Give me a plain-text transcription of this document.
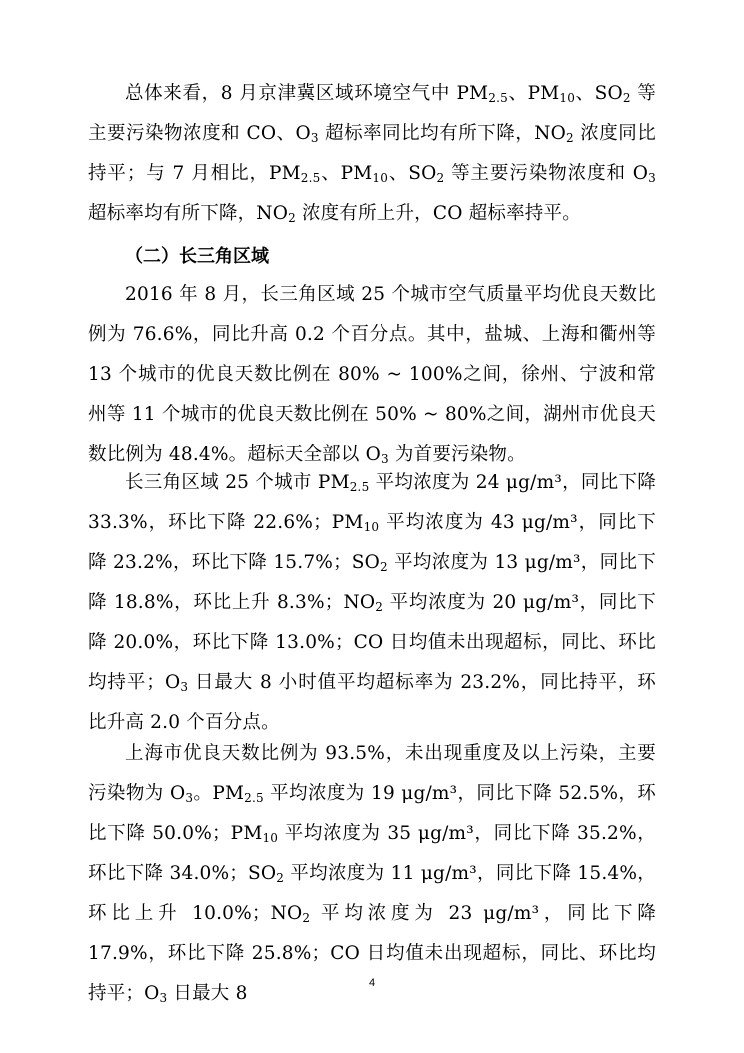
总体来看，8 月京津冀区域环境空气中 $PM_{2.5}$、$PM_{10}$、$SO_2$ 等主要污染物浓度和 CO、$O_3$ 超标率同比均有所下降，$NO_2$ 浓度同比持平；与 7 月相比，$PM_{2.5}$、$PM_{10}$、$SO_2$ 等主要污染物浓度和 $O_3$ 超标率均有所下降，$NO_2$ 浓度有所上升，CO 超标率持平。

（二）长三角区域

2016 年 8 月，长三角区域 25 个城市空气质量平均优良天数比例为 76.6%，同比升高 0.2 个百分点。其中，盐城、上海和衢州等 13 个城市的优良天数比例在 80% ~ 100%之间，徐州、宁波和常州等 11 个城市的优良天数比例在 50% ~ 80%之间，湖州市优良天数比例为 48.4%。超标天全部以 $O_3$ 为首要污染物。

长三角区域 25 个城市 $PM_{2.5}$ 平均浓度为 24 μg/m³，同比下降 33.3%，环比下降 22.6%；$PM_{10}$ 平均浓度为 43 μg/m³，同比下降 23.2%，环比下降 15.7%；$SO_2$ 平均浓度为 13 μg/m³，同比下降 18.8%，环比上升 8.3%；$NO_2$ 平均浓度为 20 μg/m³，同比下降 20.0%，环比下降 13.0%；CO 日均值未出现超标，同比、环比均持平；$O_3$ 日最大 8 小时值平均超标率为 23.2%，同比持平，环比升高 2.0 个百分点。

上海市优良天数比例为 93.5%，未出现重度及以上污染，主要污染物为 $O_3$。$PM_{2.5}$ 平均浓度为 19 μg/m³，同比下降 52.5%，环比下降 50.0%；$PM_{10}$ 平均浓度为 35 μg/m³，同比下降 35.2%，环比下降 34.0%；$SO_2$ 平均浓度为 11 μg/m³，同比下降 15.4%，环比上升 10.0%；$NO_2$ 平均浓度为 23 μg/m³，同比下降 17.9%，环比下降 25.8%；CO 日均值未出现超标，同比、环比均持平；$O_3$ 日最大 8	4
